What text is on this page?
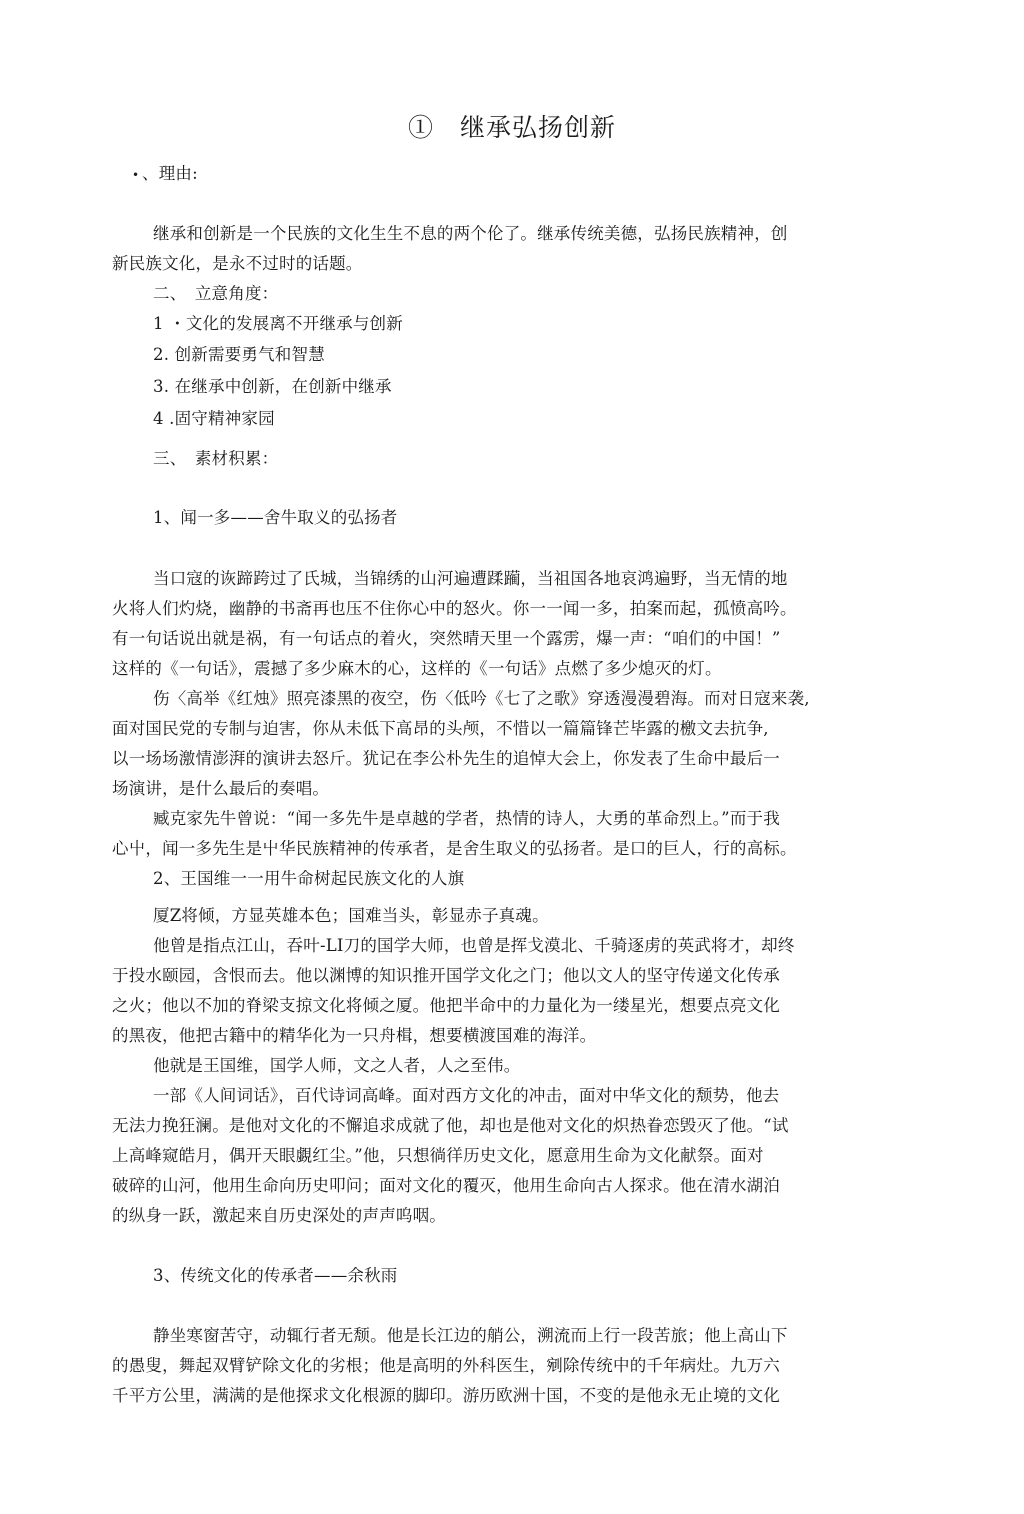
①　继承弘扬创新
• 、理由:
继承和创新是一个民族的文化生生不息的两个伦了。继承传统美德，弘扬民族精神，创
新民族文化，是永不过时的话题。
二、　立意角度：
1 ・文化的发展离不开继承与创新
2. 创新需要勇气和智慧
3. 在继承中创新，在创新中继承
4 .固守精神家园
三、　素材积累：
1、闻一多——舍牛取义的弘扬者
当口寇的诙蹄跨过了氏城，当锦绣的山河遍遭蹂躏，当祖国各地哀鸿遍野，当无情的地
火将人们灼烧，幽静的书斋再也压不住你心中的怒火。你一一闻一多，拍案而起，孤愤高吟。
有一句话说出就是祸，有一句话点的着火，突然晴天里一个露雳，爆一声：“咱们的中国！”
这样的《一句话》，震撼了多少麻木的心，这样的《一句话》点燃了多少熄灭的灯。
伤〈高举《红烛》照亮漆黑的夜空，伤〈低吟《七了之歌》穿透漫漫碧海。而对日寇来袭,
面对国民党的专制与迫害，你从未低下高昂的头颅，不惜以一篇篇锋芒毕露的檄文去抗争,
以一场场激情澎湃的演讲去怒斤。犹记在李公朴先生的追悼大会上，你发表了生命中最后一
场演讲，是什么最后的奏唱。
臧克家先牛曾说：“闻一多先牛是卓越的学者，热情的诗人，大勇的革命烈上。”而于我
心屮，闻一多先生是屮华民族精神的传承者，是舍生取义的弘扬者。是口的巨人，行的高标。
2、王国维一一用牛命树起民族文化的人旗
厦Z将倾，方显英雄本色；国难当头，彰显赤子真魂。
他曾是指点江山，吞叶-LI刀的国学大师，也曾是挥戈漠北、千骑逐虏的英武将才，却终
于投水颐园，含恨而去。他以渊博的知识推开国学文化之门；他以文人的坚守传递文化传承
之火；他以不加的脊梁支掠文化将倾之厦。他把半命中的力量化为一缕星光，想要点亮文化
的黑夜，他把古籍中的精华化为一只舟楫，想要横渡国难的海洋。
他就是王国维，国学人师，文之人者，人之至伟。
一部《人间词话》，百代诗词高峰。面对西方文化的冲击，面对中华文化的颓势，他去
无法力挽狂澜。是他对文化的不懈追求成就了他，却也是他对文化的炽热眷恋毁灭了他。“试
上高峰窥皓月，偶开天眼覷红尘。”他，只想徜徉历史文化，愿意用生命为文化献祭。面对
破碎的山河，他用生命向历史叩问；面对文化的覆灭，他用生命向古人探求。他在清水湖泊
的纵身一跃，激起来自历史深处的声声呜咽。
3、传统文化的传承者——余秋雨
静坐寒窗苦守，动辄行者无颓。他是长江边的艄公，溯流而上行一段苦旅；他上高山下
的愚叟，舞起双臂铲除文化的劣根；他是高明的外科医生，剜除传统中的千年病灶。九万六
千平方公里，满满的是他探求文化根源的脚印。游历欧洲十国，不变的是他永无止境的文化
